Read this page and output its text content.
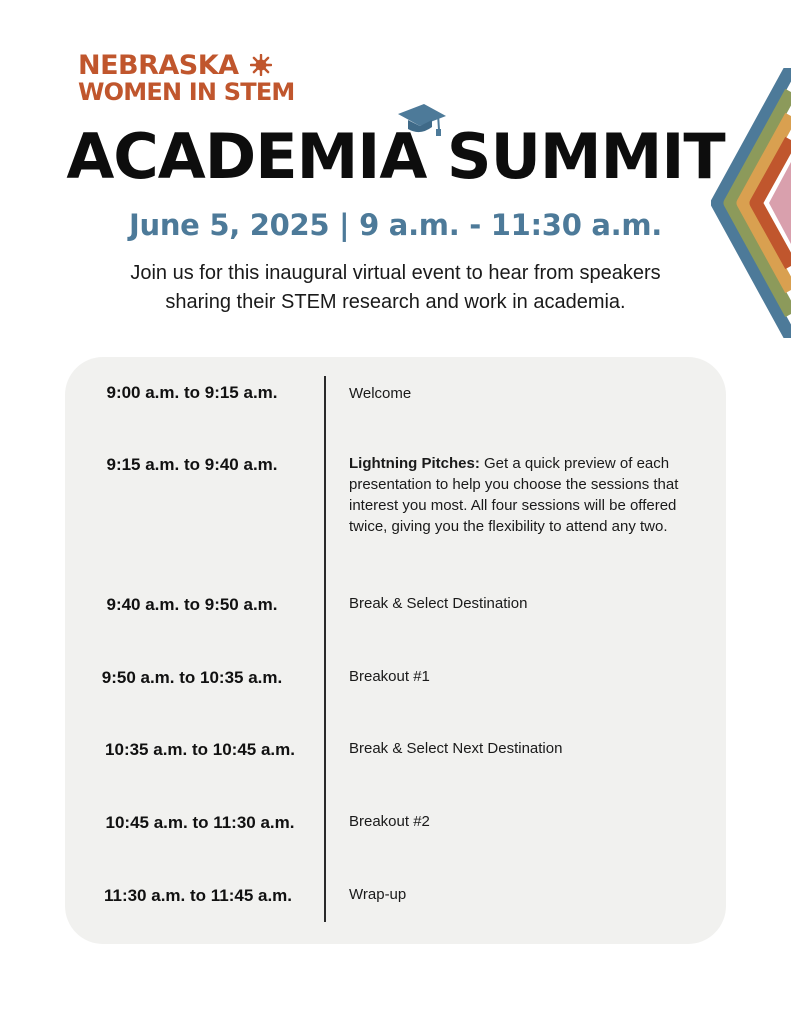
NEBRASKA
WOMEN IN STEM
ACADEMIA SUMMIT
June 5, 2025 | 9 a.m. - 11:30 a.m.
Join us for this inaugural virtual event to hear from speakers
sharing their STEM research and work in academia.
9:00 a.m. to 9:15 a.m.	Welcome
9:15 a.m. to 9:40 a.m.	Lightning Pitches: Get a quick preview of each presentation to help you choose the sessions that interest you most. All four sessions will be offered twice, giving you the flexibility to attend any two.
9:40 a.m. to 9:50 a.m.	Break & Select Destination
9:50 a.m. to 10:35 a.m.	Breakout #1
10:35 a.m. to 10:45 a.m.	Break & Select Next Destination
10:45 a.m. to 11:30 a.m.	Breakout #2
11:30 a.m. to 11:45 a.m.	Wrap-up
